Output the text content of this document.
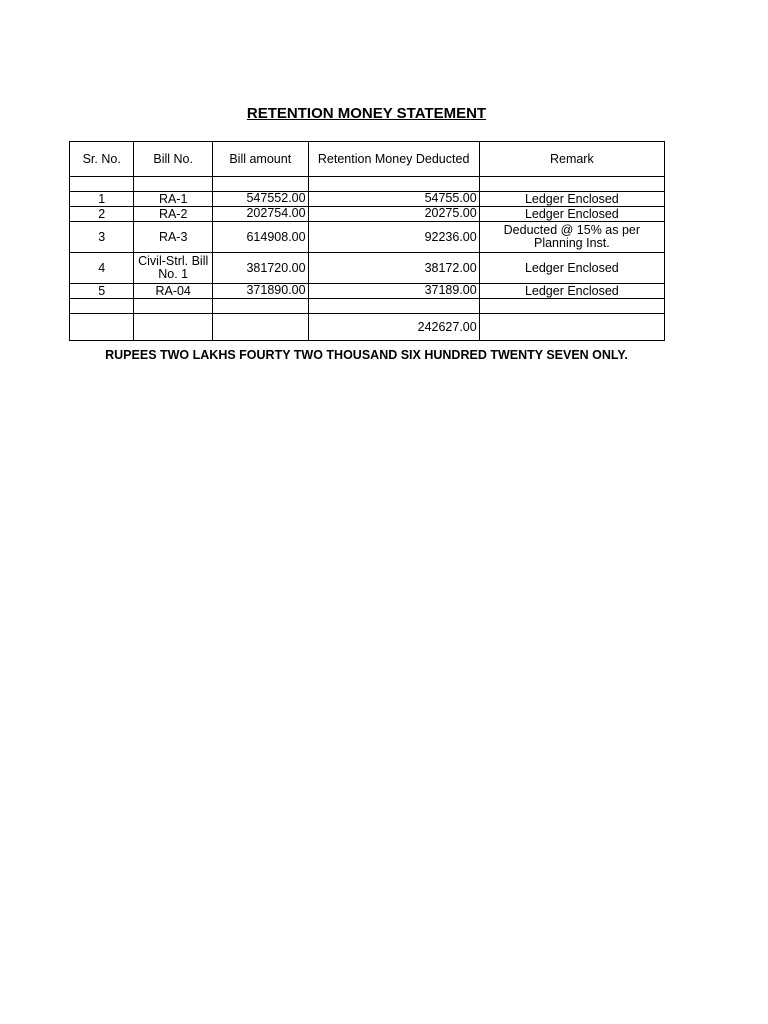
RETENTION MONEY STATEMENT
Sr. No.	Bill No.	Bill amount	Retention Money Deducted	Remark

1	RA-1	547552.00	54755.00	Ledger Enclosed
2	RA-2	202754.00	20275.00	Ledger Enclosed
3	RA-3	614908.00	92236.00	Deducted @ 15% as per Planning Inst.
4	Civil-Strl. Bill No. 1	381720.00	38172.00	Ledger Enclosed
5	RA-04	371890.00	37189.00	Ledger Enclosed

			242627.00	
RUPEES TWO LAKHS FOURTY TWO THOUSAND SIX HUNDRED TWENTY SEVEN ONLY.
